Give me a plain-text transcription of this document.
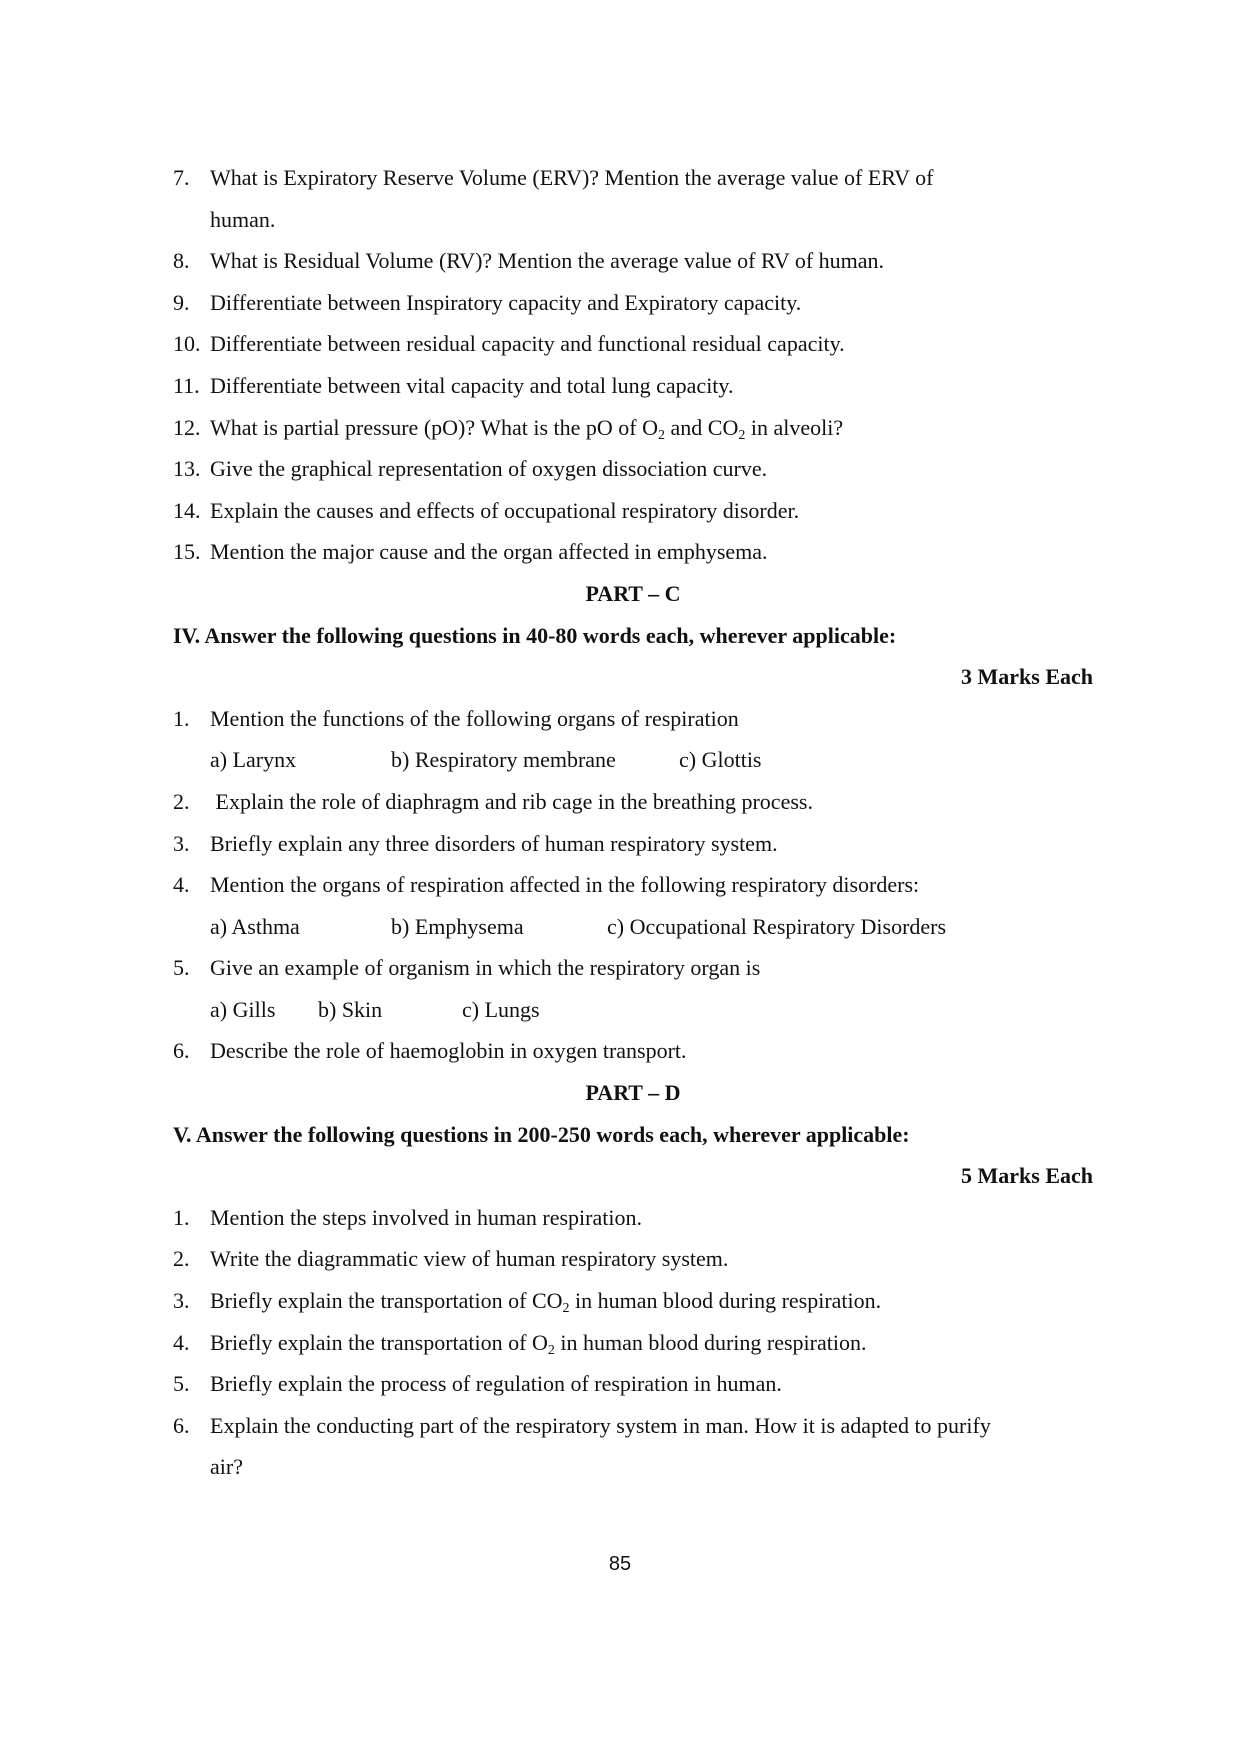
7. What is Expiratory Reserve Volume (ERV)? Mention the average value of ERV of
human.
8. What is Residual Volume (RV)? Mention the average value of RV of human.
9. Differentiate between Inspiratory capacity and Expiratory capacity.
10. Differentiate between residual capacity and functional residual capacity.
11. Differentiate between vital capacity and total lung capacity.
12. What is partial pressure (pO)? What is the pO of $O_2$ and $CO_2$ in alveoli?
13. Give the graphical representation of oxygen dissociation curve.
14. Explain the causes and effects of occupational respiratory disorder.
15. Mention the major cause and the organ affected in emphysema.
PART – C
IV. Answer the following questions in 40-80 words each, wherever applicable:
3 Marks Each
1. Mention the functions of the following organs of respiration
a) Larynx	b) Respiratory membrane	c) Glottis
2. Explain the role of diaphragm and rib cage in the breathing process.
3. Briefly explain any three disorders of human respiratory system.
4. Mention the organs of respiration affected in the following respiratory disorders:
a) Asthma	b) Emphysema	c) Occupational Respiratory Disorders
5. Give an example of organism in which the respiratory organ is
a) Gills	b) Skin	c) Lungs
6. Describe the role of haemoglobin in oxygen transport.
PART – D
V. Answer the following questions in 200-250 words each, wherever applicable:
5 Marks Each
1. Mention the steps involved in human respiration.
2. Write the diagrammatic view of human respiratory system.
3. Briefly explain the transportation of $CO_2$ in human blood during respiration.
4. Briefly explain the transportation of $O_2$ in human blood during respiration.
5. Briefly explain the process of regulation of respiration in human.
6. Explain the conducting part of the respiratory system in man. How it is adapted to purify
air?
85
